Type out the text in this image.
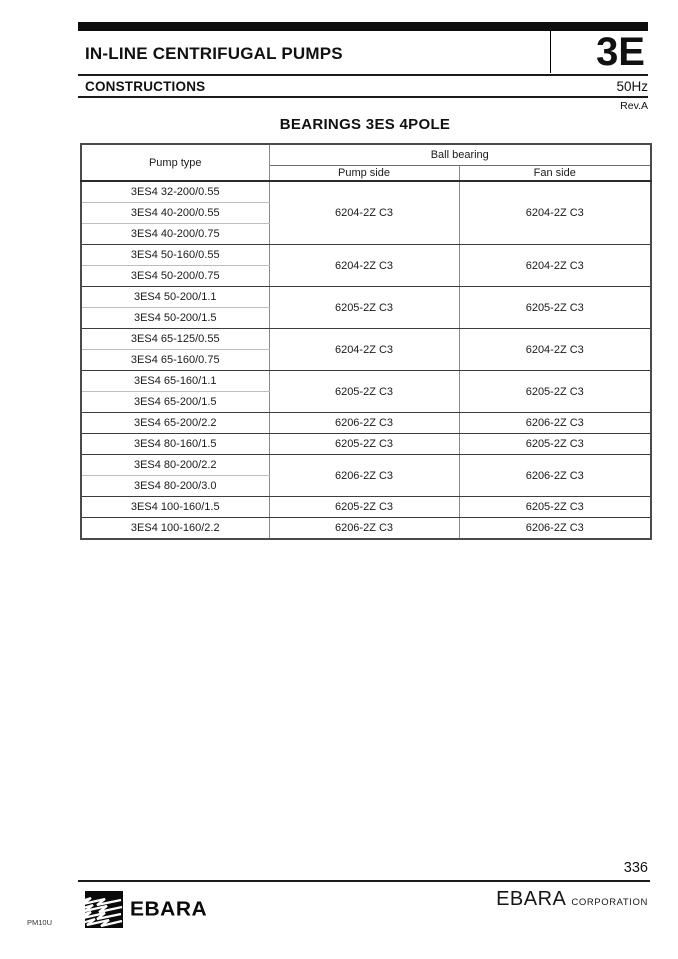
IN-LINE CENTRIFUGAL PUMPS	3E
CONSTRUCTIONS	50Hz
Rev.A
BEARINGS 3ES 4POLE
Pump type	Ball bearing	
	Pump side	Fan side
3ES4 32-200/0.55	6204-2Z C3	6204-2Z C3
3ES4 40-200/0.55		
3ES4 40-200/0.75		
3ES4 50-160/0.55	6204-2Z C3	6204-2Z C3
3ES4 50-200/0.75		
3ES4 50-200/1.1	6205-2Z C3	6205-2Z C3
3ES4 50-200/1.5		
3ES4 65-125/0.55	6204-2Z C3	6204-2Z C3
3ES4 65-160/0.75		
3ES4 65-160/1.1	6205-2Z C3	6205-2Z C3
3ES4 65-200/1.5		
3ES4 65-200/2.2	6206-2Z C3	6206-2Z C3
3ES4 80-160/1.5	6205-2Z C3	6205-2Z C3
3ES4 80-200/2.2	6206-2Z C3	6206-2Z C3
3ES4 80-200/3.0		
3ES4 100-160/1.5	6205-2Z C3	6205-2Z C3
3ES4 100-160/2.2	6206-2Z C3	6206-2Z C3
336
EBARA	EBARA CORPORATION
PM10U
